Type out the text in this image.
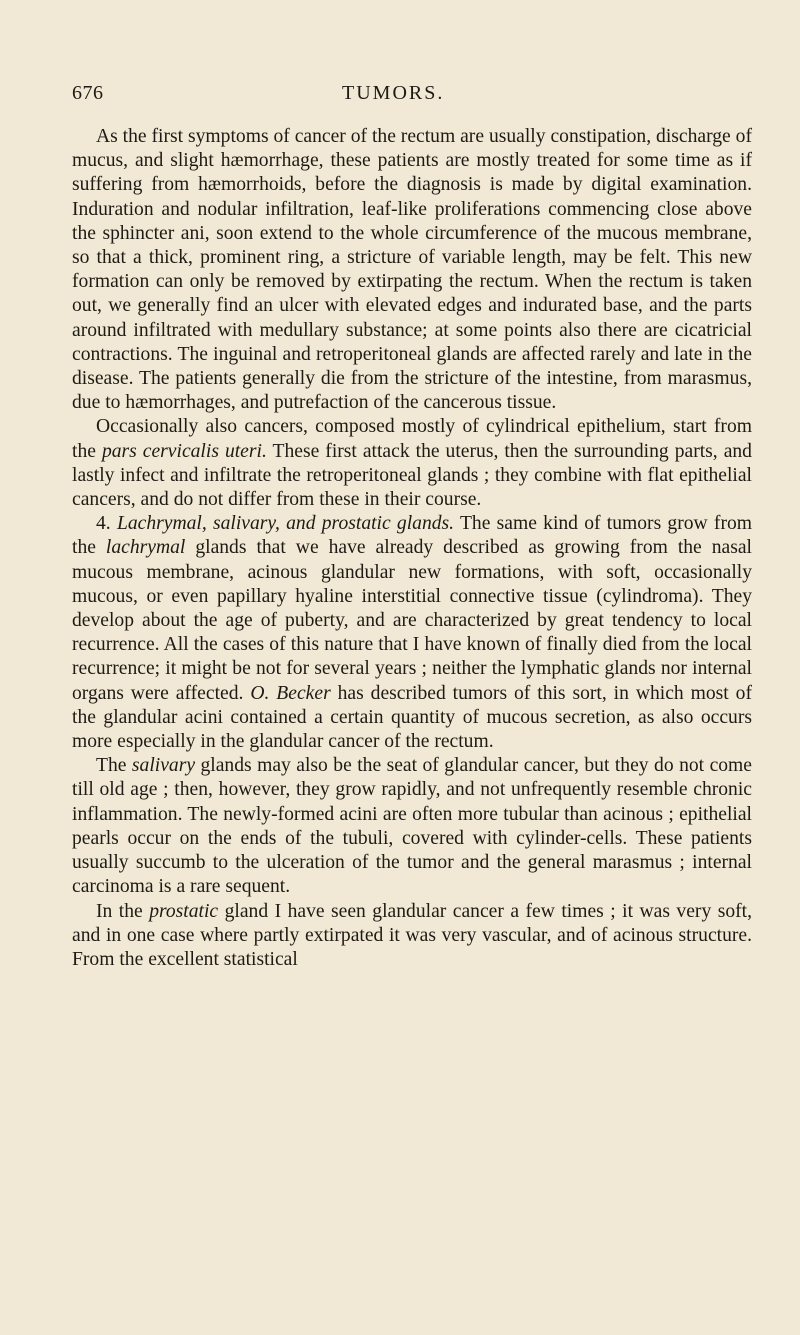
676	TUMORS.

As the first symptoms of cancer of the rectum are usually constipation, discharge of mucus, and slight hæmorrhage, these patients are mostly treated for some time as if suffering from hæmorrhoids, before the diagnosis is made by digital examination. Induration and nodular infiltration, leaf-like proliferations commencing close above the sphincter ani, soon extend to the whole circumference of the mucous membrane, so that a thick, prominent ring, a stricture of variable length, may be felt. This new formation can only be removed by extirpating the rectum. When the rectum is taken out, we generally find an ulcer with elevated edges and indurated base, and the parts around infiltrated with medullary substance; at some points also there are cicatricial contractions. The inguinal and retroperitoneal glands are affected rarely and late in the disease. The patients generally die from the stricture of the intestine, from marasmus, due to hæmorrhages, and putrefaction of the cancerous tissue.

Occasionally also cancers, composed mostly of cylindrical epithelium, start from the pars cervicalis uteri. These first attack the uterus, then the surrounding parts, and lastly infect and infiltrate the retroperitoneal glands ; they combine with flat epithelial cancers, and do not differ from these in their course.

4. Lachrymal, salivary, and prostatic glands. The same kind of tumors grow from the lachrymal glands that we have already described as growing from the nasal mucous membrane, acinous glandular new formations, with soft, occasionally mucous, or even papillary hyaline interstitial connective tissue (cylindroma). They develop about the age of puberty, and are characterized by great tendency to local recurrence. All the cases of this nature that I have known of finally died from the local recurrence; it might be not for several years ; neither the lymphatic glands nor internal organs were affected. O. Becker has described tumors of this sort, in which most of the glandular acini contained a certain quantity of mucous secretion, as also occurs more especially in the glandular cancer of the rectum.

The salivary glands may also be the seat of glandular cancer, but they do not come till old age ; then, however, they grow rapidly, and not unfrequently resemble chronic inflammation. The newly-formed acini are often more tubular than acinous ; epithelial pearls occur on the ends of the tubuli, covered with cylinder-cells. These patients usually succumb to the ulceration of the tumor and the general marasmus ; internal carcinoma is a rare sequent.

In the prostatic gland I have seen glandular cancer a few times ; it was very soft, and in one case where partly extirpated it was very vascular, and of acinous structure. From the excellent statistical
